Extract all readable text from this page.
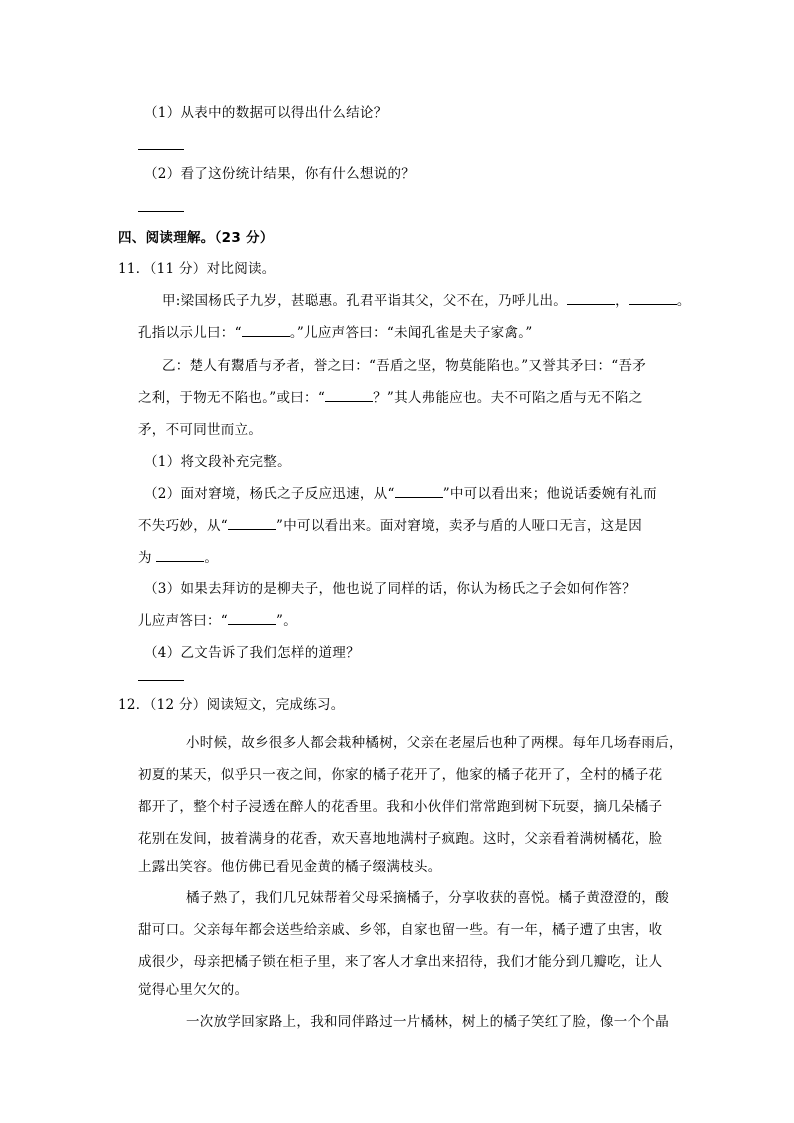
（1）从表中的数据可以得出什么结论？
（2）看了这份统计结果，你有什么想说的？
四、阅读理解。（23 分）
11．（11 分）对比阅读。
甲:梁国杨氏子九岁，甚聪惠。孔君平诣其父，父不在，乃呼儿出。	，	。
孔指以示儿曰：“	。”儿应声答曰：“未闻孔雀是夫子家禽。”
乙：楚人有鬻盾与矛者，誉之曰：“吾盾之坚，物莫能陷也。”又誉其矛曰：“吾矛
之利，于物无不陷也。”或曰：“	？”其人弗能应也。夫不可陷之盾与无不陷之
矛，不可同世而立。
（1）将文段补充完整。
（2）面对窘境，杨氏之子反应迅速，从“	”中可以看出来；他说话委婉有礼而
不失巧妙，从“	”中可以看出来。面对窘境，卖矛与盾的人哑口无言，这是因
为	。
（3）如果去拜访的是柳夫子，他也说了同样的话，你认为杨氏之子会如何作答？
儿应声答曰：“	”。
（4）乙文告诉了我们怎样的道理？
12．（12 分）阅读短文，完成练习。
小时候，故乡很多人都会栽种橘树，父亲在老屋后也种了两棵。每年几场春雨后，
初夏的某天，似乎只一夜之间，你家的橘子花开了，他家的橘子花开了，全村的橘子花
都开了，整个村子浸透在醉人的花香里。我和小伙伴们常常跑到树下玩耍，摘几朵橘子
花别在发间，披着满身的花香，欢天喜地地满村子疯跑。这时，父亲看着满树橘花，脸
上露出笑容。他仿佛已看见金黄的橘子缀满枝头。
橘子熟了，我们几兄妹帮着父母采摘橘子，分享收获的喜悦。橘子黄澄澄的，酸
甜可口。父亲每年都会送些给亲戚、乡邻，自家也留一些。有一年，橘子遭了虫害，收
成很少，母亲把橘子锁在柜子里，来了客人才拿出来招待，我们才能分到几瓣吃，让人
觉得心里欠欠的。
一次放学回家路上，我和同伴路过一片橘林，树上的橘子笑红了脸，像一个个晶
